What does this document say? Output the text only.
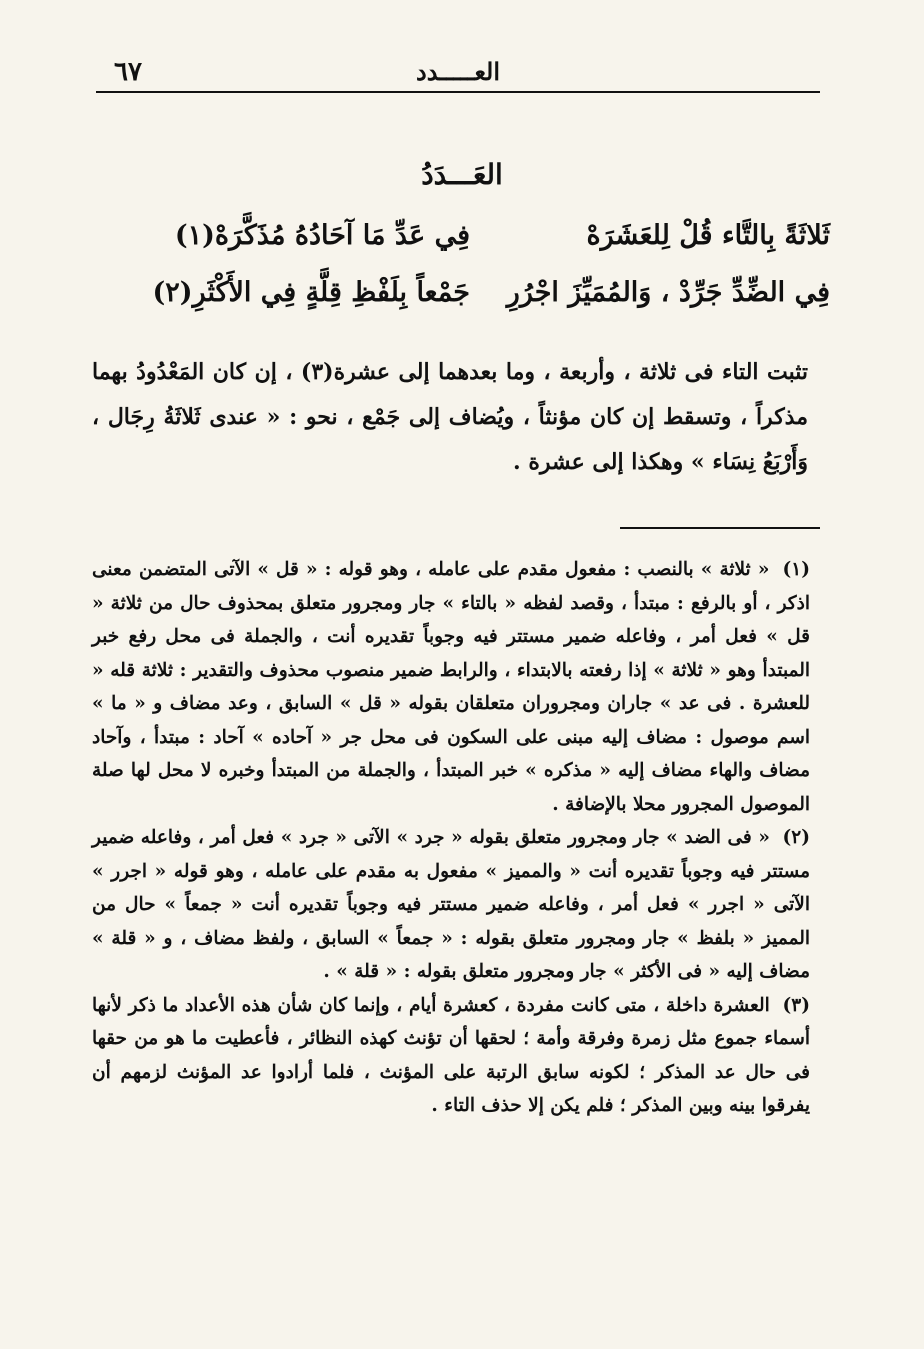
٦٧	العـــــدد
العَـــدَدُ
ثَلاثَةً بِالتَّاء قُلْ لِلعَشَرَهْ
فِي عَدِّ مَا آحَادُهُ مُذَكَّرَهْ(١)
فِي الضِّدِّ جَرِّدْ ، وَالمُمَيِّزَ اجْرُرِ
جَمْعاً بِلَفْظِ قِلَّةٍ فِي الأَكْثَرِ(٢)

تثبت التاء فى ثلاثة ، وأربعة ، وما بعدهما إلى عشرة(٣) ، إن كان المَعْدُودُ بهما مذكراً ، وتسقط إن كان مؤنثاً ، ويُضاف إلى جَمْع ، نحو : « عندى ثَلاثَةُ رِجَال ، وَأَرْبَعُ نِسَاء » وهكذا إلى عشرة .

(١) « ثلاثة » بالنصب : مفعول مقدم على عامله ، وهو قوله : « قل » الآتى المتضمن معنى اذكر ، أو بالرفع : مبتدأ ، وقصد لفظه « بالتاء » جار ومجرور متعلق بمحذوف حال من ثلاثة « قل » فعل أمر ، وفاعله ضمير مستتر فيه وجوباً تقديره أنت ، والجملة فى محل رفع خبر المبتدأ وهو « ثلاثة » إذا رفعته بالابتداء ، والرابط ضمير منصوب محذوف والتقدير : ثلاثة قله « للعشرة . فى عد » جاران ومجروران متعلقان بقوله « قل » السابق ، وعد مضاف و « ما » اسم موصول : مضاف إليه مبنى على السكون فى محل جر « آحاده » آحاد : مبتدأ ، وآحاد مضاف والهاء مضاف إليه « مذكره » خبر المبتدأ ، والجملة من المبتدأ وخبره لا محل لها صلة الموصول المجرور محلا بالإضافة .

(٢) « فى الضد » جار ومجرور متعلق بقوله « جرد » الآتى « جرد » فعل أمر ، وفاعله ضمير مستتر فيه وجوباً تقديره أنت « والمميز » مفعول به مقدم على عامله ، وهو قوله « اجرر » الآتى « اجرر » فعل أمر ، وفاعله ضمير مستتر فيه وجوباً تقديره أنت « جمعاً » حال من المميز « بلفظ » جار ومجرور متعلق بقوله : « جمعاً » السابق ، ولفظ مضاف ، و « قلة » مضاف إليه « فى الأكثر » جار ومجرور متعلق بقوله : « قلة » .

(٣) العشرة داخلة ، متى كانت مفردة ، كعشرة أيام ، وإنما كان شأن هذه الأعداد ما ذكر لأنها أسماء جموع مثل زمرة وفرقة وأمة ؛ لحقها أن تؤنث كهذه النظائر ، فأعطيت ما هو من حقها فى حال عد المذكر ؛ لكونه سابق الرتبة على المؤنث ، فلما أرادوا عد المؤنث لزمهم أن يفرقوا بينه وبين المذكر ؛ فلم يكن إلا حذف التاء .
